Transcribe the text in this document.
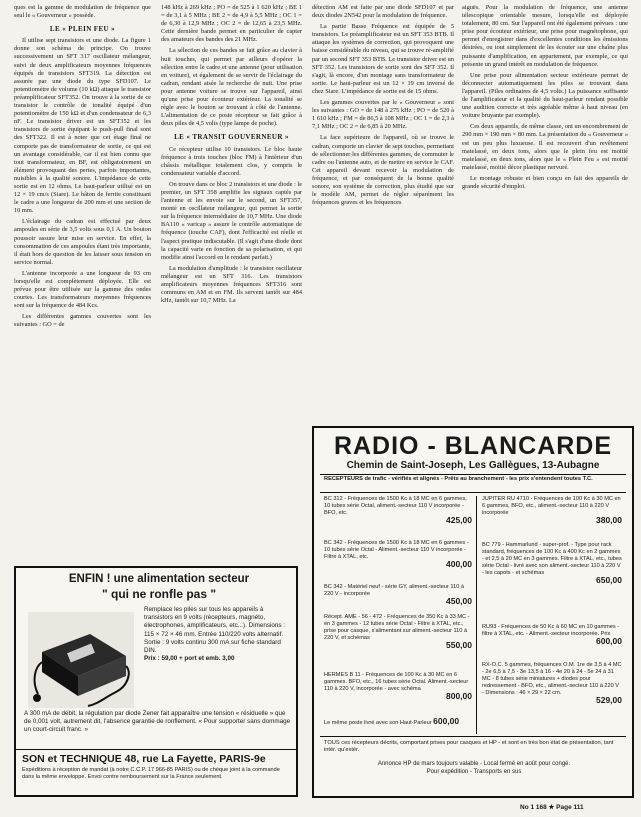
ques est la gamme de modulation de fréquence que seul le « Gouverneur » possède.

LE « PLEIN FEU »

Il utilise sept transistors et une diode. La figure 1 donne son schéma de principe. On trouve successivement un SFT 317 oscillateur mélangeur, suivi de deux amplificateurs moyennes fréquences équipés de transistors SFT319. La détection est assurée par une diode du type SFD107. Le potentiomètre de volume (10 kΩ) attaque le transistor préamplificateur SFT352. On trouve à la sortie de ce transistor le contrôle de tonalité équipé d'un potentiomètre de 150 kΩ et d'un condensateur de 6,3 nF. Le transistor driver est un SFT352 et les transistors de sortie équipant le push-pull final sont des SFT322. Il est à noter que cet étage final ne comporte pas de transformateur de sortie, ce qui est un avantage considérable, car il est bien connu que tout transformateur, en BF, est obligatoirement un élément provoquant des pertes, parfois importantes, nuisibles à la qualité sonore. L'impédance de cette sortie est en 12 ohms. Le haut-parleur utilisé est un 12 × 19 cm/s (Siare). Le bâton de ferrite constituant le cadre a une longueur de 200 mm et une section de 10 mm.

L'éclairage du cadran est effectué par deux ampoules en série de 3,5 volts sous 0,1 A. Un bouton poussoir assure leur mise en service. En effet, la consommation de ces ampoules étant très importante, il était hors de question de les laisser sous tension en service normal.

L'antenne incorporée a une longueur de 93 cm lorsqu'elle est complètement déployée. Elle est prévue pour être utilisée sur la gamme des ondes courtes. Les transformateurs moyennes fréquences sont sur la fréquence de 484 Kcs.

Les différentes gammes couvertes sont les suivantes : GO = de

148 kHz à 269 kHz ; PO = de 525 à 1 620 kHz ; BE 1 = de 3,1 à 5 MHz ; BE 2 = de 4,9 à 5,5 MHz ; OC 1 = de 6,30 à 12,9 MHz ; OC 2 = de 12,65 à 23,5 MHz. Cette dernière bande permet en particulier de capter des amateurs des bandes des 21 MHz.

La sélection de ces bandes se fait grâce au clavier à huit touches, qui permet par ailleurs d'opérer la sélection entre le cadre et une antenne (pour utilisation en voiture), et également de se servir de l'éclairage du cadran, rendant aisée la recherche de nuit. Une prise pour antenne voiture se trouve sur l'appareil, ainsi qu'une prise pour écouteur extérieur. La tonalité se règle avec le bouton se trouvant à côté de l'antenne. L'alimentation de ce poste récepteur se fait grâce à deux piles de 4,5 volts (type lampe de poche).

LE « TRANSIT GOUVERNEUR »

Ce récepteur utilise 10 transistors. Le bloc haute fréquence à trois touches (bloc FM) à l'intérieur d'un châssis métallique totalement clos, y compris le condensateur variable d'accord.

On trouve dans ce bloc 2 transistors et une diode : le premier, un SFT 358 amplifie les signaux captés par l'antenne et les envoie sur le second, un SFT357, monté en oscillateur mélangeur, qui permet la sortie sur la fréquence intermédiaire de 10,7 MHz. Une diode BA110 « varicap » assure le contrôle automatique de fréquence (touche CAF), dont l'efficacité est réelle et l'aspect pratique indiscutable. (Il s'agit d'une diode dont la capacité varie en fonction de sa polarisation, et qui modifie ainsi l'accord en le rendant parfait.)

La modulation d'amplitude : le transistor oscillateur mélangeur est un SFT 316. Les transistors amplificateurs moyennes fréquences SFT316 sont communs en AM et en FM. Ils servent tantôt sur 484 kHz, tantôt sur 10,7 MHz. La

détection AM est faite par une diode SFD107 et par deux diodes 2N542 pour la modulation de fréquence.

La partie Basse Fréquence est équipée de 5 transistors. Le préamplificateur est un SFT 353 BTB. Il attaque les systèmes de correction, qui provoquent une baisse considérable du niveau, qui se trouve ré-amplifié par un second SFT 353 BTB. Le transistor driver est un SFT 352. Les transistors de sortie sont des SFT 352. Il s'agit, là encore, d'un montage sans transformateur de sortie. Le haut-parleur est un 12 × 19 cm inversé de chez Siare. L'impédance de sortie est de 15 ohms.

Les gammes couvertes par le « Gouverneur » sont les suivantes : GO = de 148 à 275 kHz ; PO = de 520 à 1 610 kHz ; FM = de 86,5 à 108 MHz ; OC 1 = de 2,3 à 7,1 MHz ; OC 2 = de 6,85 à 20 MHz.

La face supérieure de l'appareil, où se trouve le cadran, comporte un clavier de sept touches, permettant de sélectionner les différentes gammes, de commuter le cadre ou l'antenne auto, et de mettre en service le CAF. Cet appareil devant recevoir la modulation de fréquence, et par conséquent de la bonne qualité sonore, son système de correction, plus étudié que sur le modèle AM, permet de régler séparément les fréquences graves et les fréquences

aiguës. Pour la modulation de fréquence, une antenne télescopique orientable mesure, lorsqu'elle est déployée totalement, 80 cm. Sur l'appareil ont été également prévues : une prise pour écouteur extérieur, une prise pour magnétophone, qui permet d'enregistrer dans d'excellentes conditions les émissions désirées, ou tout simplement de les écouter sur une chaîne plus puissante d'amplification, en appartement, par exemple, ce qui présente un grand intérêt en modulation de fréquence.

Une prise pour alimentation secteur extérieure permet de déconnecter automatiquement les piles se trouvant dans l'appareil. (Piles ordinaires de 4,5 volts.) La puissance suffisante de l'amplificateur et la qualité du haut-parleur rendant possible une audition correcte et très agréable même à haut niveau (en voiture bruyante par exemple).

Ces deux appareils, de même classe, ont un encombrement de 290 mm × 190 mm × 80 mm. La présentation du « Gouverneur » est un peu plus luxueuse. Il est recouvert d'un revêtement matelassé, en deux tons, alors que le plein feu est moitié matelassé, en deux tons, alors que le « Plein Feu » est moitié matelassé, moitié décor plastique nervuré.

Le montage robuste et bien conçu en fait des appareils de grande sécurité d'emploi.

ENFIN ! une alimentation secteur
" qui ne ronfle pas "
Remplace les piles sur tous les appareils à transistors en 9 volts (récepteurs, magnéto, électrophones, amplificateurs, etc...). Dimensions : 115 × 72 × 46 mm. Entrée 110/220 volts alternatif. Sortie : 9 volts continu 300 mA sur fiche standard DIN.
Prix : 59,00 + port et emb. 3,00
A 300 mA de débit, la régulation par diode Zener fait apparaître une tension « résiduelle » que de 0,001 volt, autrement dit, l'absence garantie de ronflement. « Pour supporter sans dommage un court-circuit franc. »
SON et TECHNIQUE 48, rue La Fayette, PARIS-9e
Expéditions à réception de mandat (à notre C.C.P. 17 966-85 PARIS) ou de chèque joint à la commande dans la même enveloppe. Envoi contre remboursement sur la France seulement.
RADIO - BLANCARDE
Chemin de Saint-Joseph, Les Gallègues, 13-Aubagne
RECEPTEURS de trafic - vérifiés et alignés - Prêts au branchement - les prix s'entendent toutes T.C.
BC 312 - Fréquences de 1500 Kc à 18 MC en 6 gammes, 10 tubes série Octal, aliment.-secteur 110 V incorporée - BFO, etc.
425,00
BC 342 - Fréquences de 1500 Kc à 18 MC en 6 gammes - 10 tubes série Octal - Aliment.-secteur 110 V incorporée - Filtre à XTAL, etc.
400,00
BC 342 - Matériel neuf - série GY, aliment.-secteur 110 à 220 V - incorporée
450,00
Récept. AME - 56 - 472 - Fréquences de 350 Kc à 33 MC - en 3 gammes - 12 tubes série Octal - Filtre à XTAL, etc., prise pour casque, s'alimentant sur aliment.-secteur 110 à 220 V, et schémas
550,00
HERMES B 11 - Fréquences de 100 Kc à 30 MC en 6 gammes. BFO, etc., 16 tubes série Octal. Aliment.-secteur 110 à 220 V, incorporée - avec schéma
800,00
Le même poste livré avec son Haut-Parleur 600,00
JUPITER RU 4710 - Fréquences de 100 Kc à 30 MC en 6 gammes, BFO, etc., aliment.-secteur 110 à 220 V incorporée
380,00
BC 779 - Hammarlund - super-prof. - Type pour rack standard, fréquences de 100 Kc à 400 Kc en 2 gammes - et 2,5 à 20 MC en 3 gammes. Filtre à XTAL, etc., tubes série Octal - livré avec son aliment.-secteur 110 à 220 V - les capots - et schémas
650,00
RU93 - Fréquences de 50 Kc à 60 MC en 10 gammes - filtre à XTAL, etc. - Aliment.-secteur incorporée. Prix
600,00
RX-O.C. 5 gammes, fréquences O.M. 1re de 3,5 à 4 MC - 2e 6,5 à 7,5 - 3e 13,5 à 16 - 4e 20 à 24 - 5e 24 à 31 MC - 8 tubes série miniatures + diodes pour redressement - BFO, etc., aliment.-secteur 110 à 220 V - Dimensions : 46 × 29 × 22 cm.
529,00
TOUS ces récepteurs décrits, comportant prises pour casques et HP - et sont en très bon état de présentation, tant intér. qu'extér.
Annonce HP de mars toujours valable - Local fermé en août pour congé.
Pour expédition - Transports en sus
No 1 168 ★ Page 111
